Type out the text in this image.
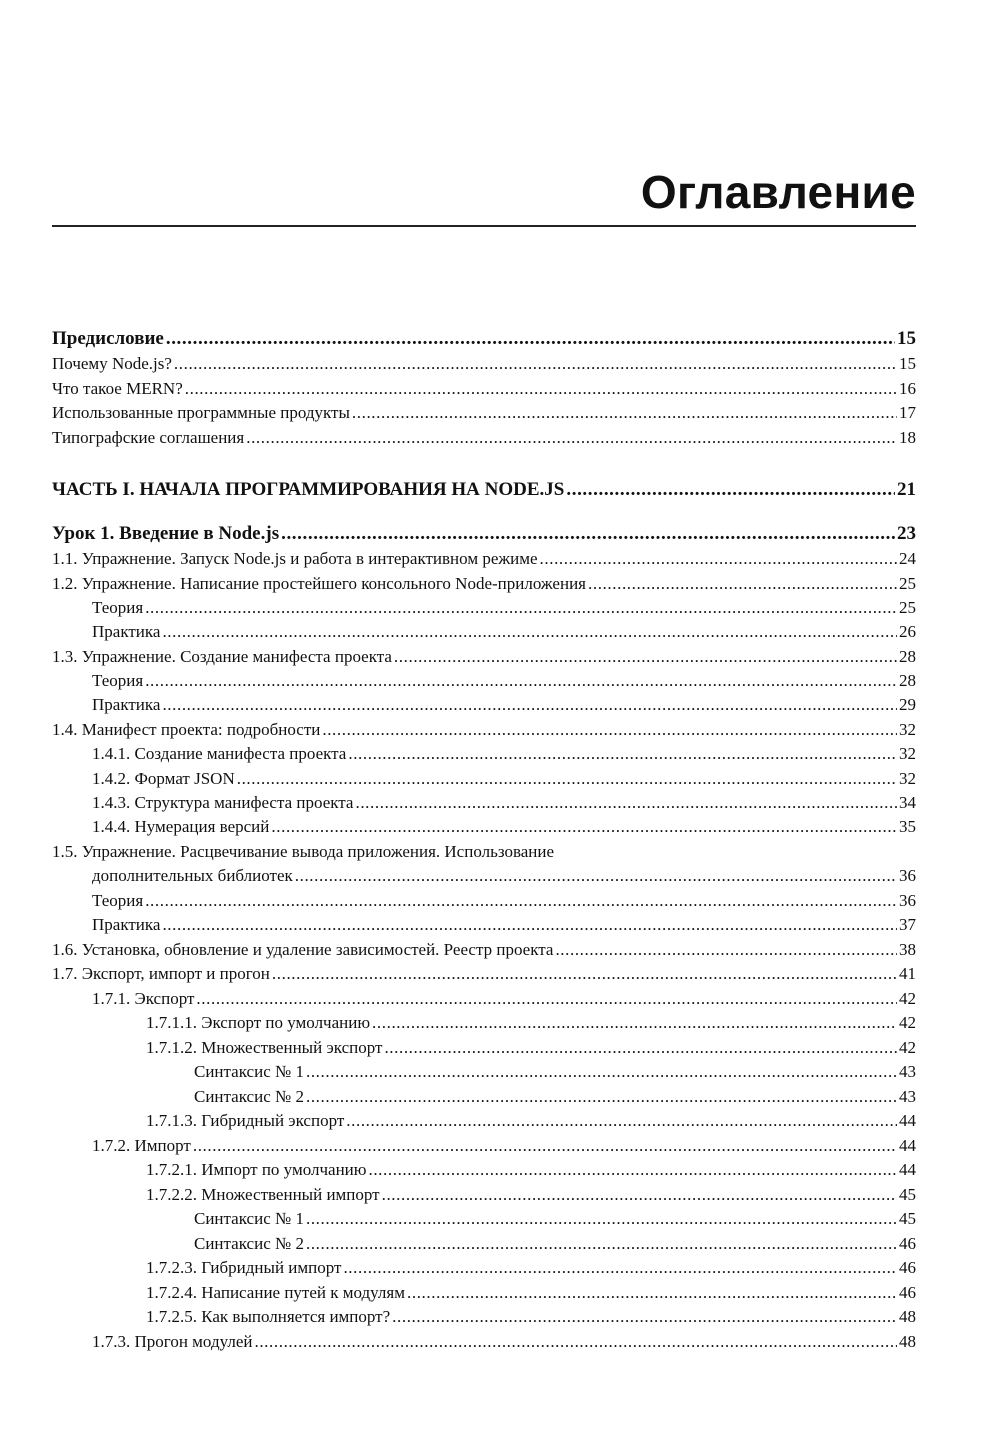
Оглавление
Предисловие .....	15
Почему Node.js? .....	15
Что такое MERN? .....	16
Использованные программные продукты .....	17
Типографские соглашения .....	18
ЧАСТЬ I. НАЧАЛА ПРОГРАММИРОВАНИЯ НА NODE.JS .....	21
Урок 1. Введение в Node.js .....	23
1.1. Упражнение. Запуск Node.js и работа в интерактивном режиме .....	24
1.2. Упражнение. Написание простейшего консольного Node-приложения .....	25
Теория .....	25
Практика .....	26
1.3. Упражнение. Создание манифеста проекта .....	28
Теория .....	28
Практика .....	29
1.4. Манифест проекта: подробности .....	32
1.4.1. Создание манифеста проекта .....	32
1.4.2. Формат JSON .....	32
1.4.3. Структура манифеста проекта .....	34
1.4.4. Нумерация версий .....	35
1.5. Упражнение. Расцвечивание вывода приложения. Использование
дополнительных библиотек .....	36
Теория .....	36
Практика .....	37
1.6. Установка, обновление и удаление зависимостей. Реестр проекта .....	38
1.7. Экспорт, импорт и прогон .....	41
1.7.1. Экспорт .....	42
1.7.1.1. Экспорт по умолчанию .....	42
1.7.1.2. Множественный экспорт .....	42
Синтаксис № 1 .....	43
Синтаксис № 2 .....	43
1.7.1.3. Гибридный экспорт .....	44
1.7.2. Импорт .....	44
1.7.2.1. Импорт по умолчанию .....	44
1.7.2.2. Множественный импорт .....	45
Синтаксис № 1 .....	45
Синтаксис № 2 .....	46
1.7.2.3. Гибридный импорт .....	46
1.7.2.4. Написание путей к модулям .....	46
1.7.2.5. Как выполняется импорт? .....	48
1.7.3. Прогон модулей .....	48
